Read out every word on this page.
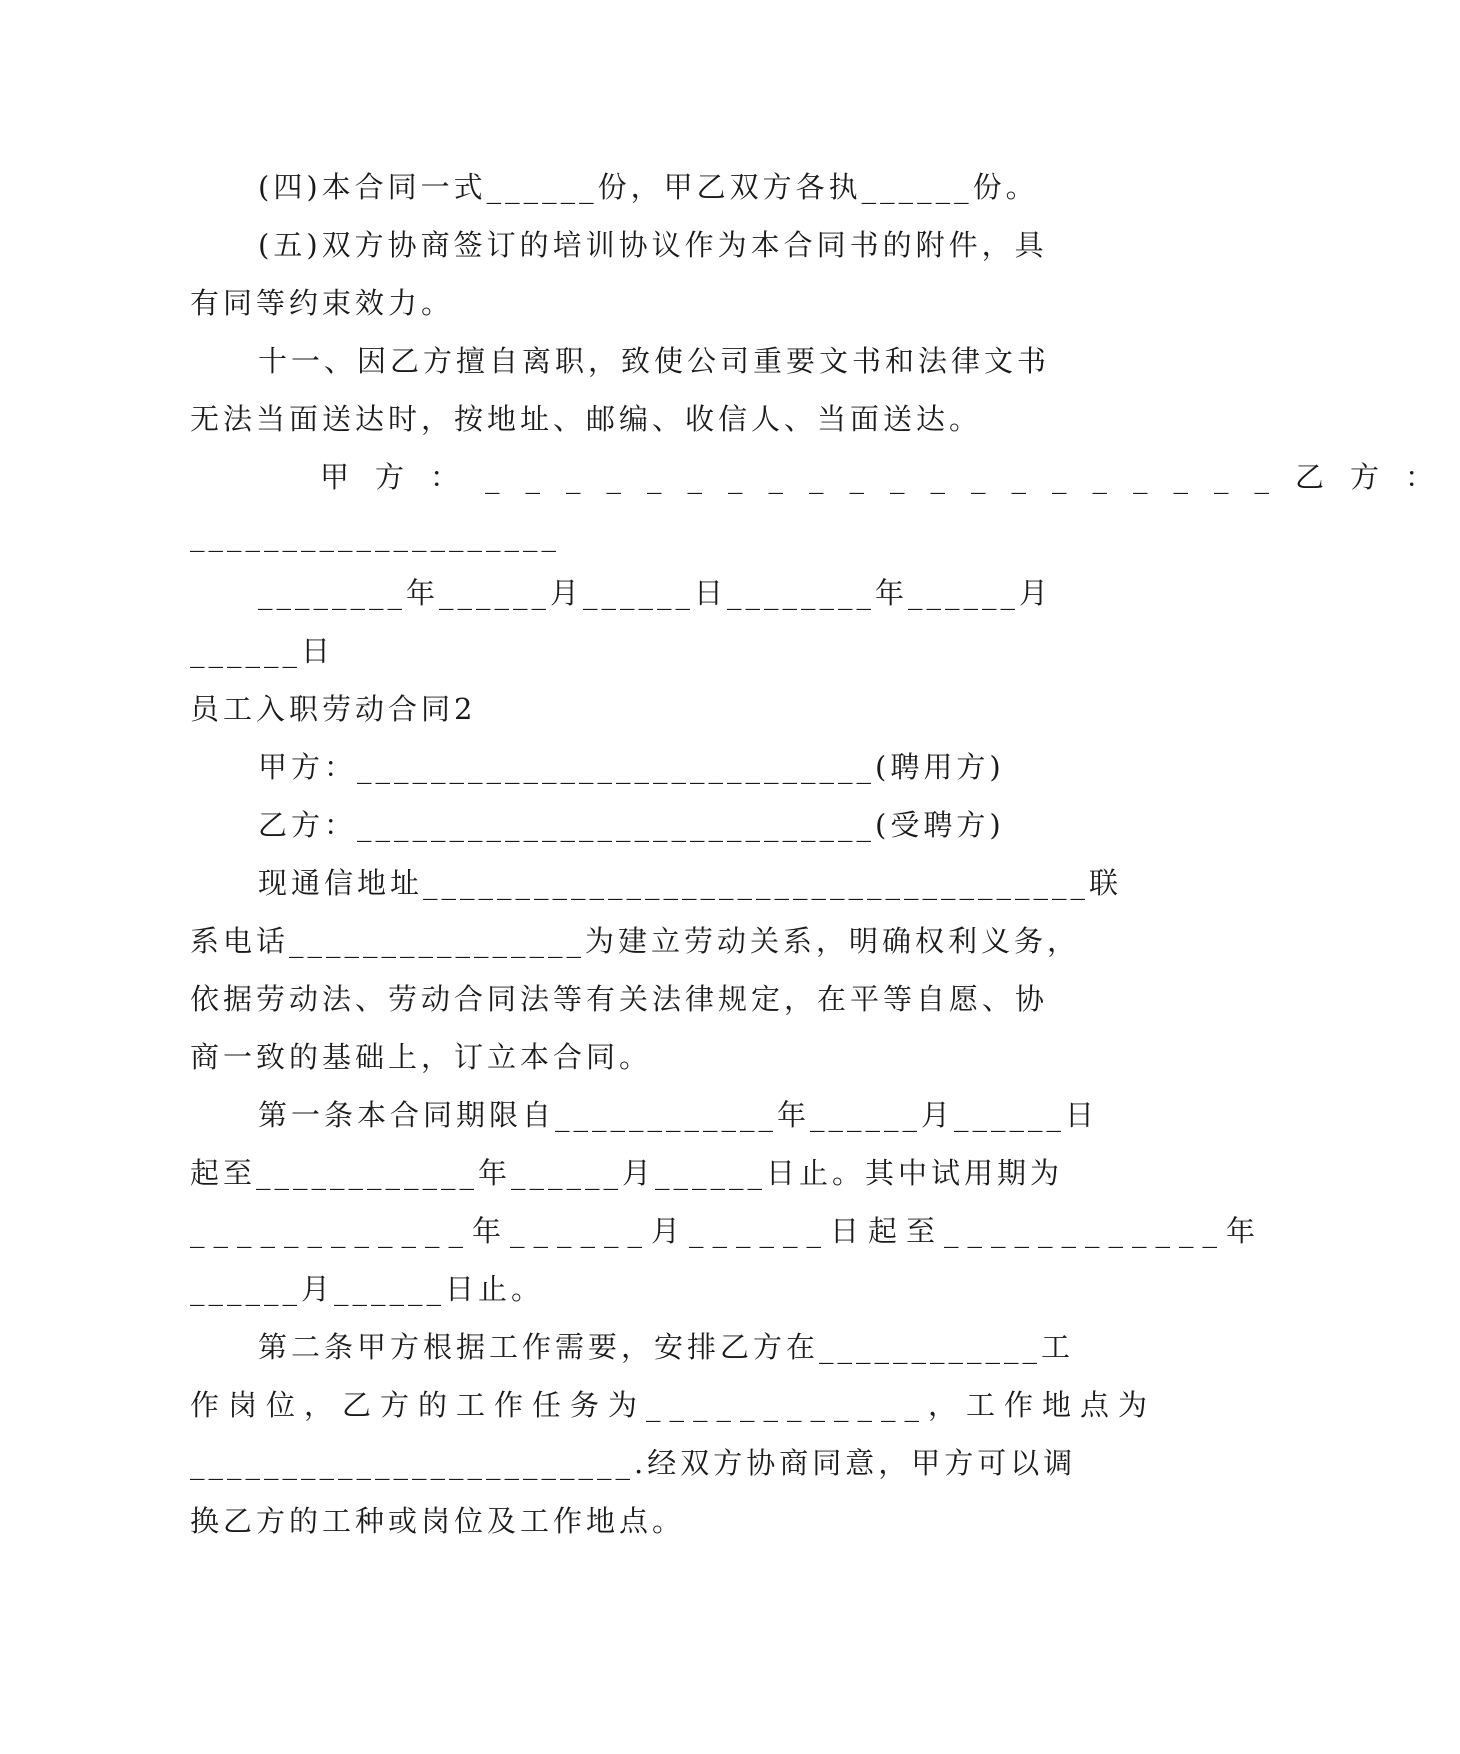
(四)本合同一式______份，甲乙双方各执______份。
(五)双方协商签订的培训协议作为本合同书的附件，具
有同等约束效力。
十一、因乙方擅自离职，致使公司重要文书和法律文书
无法当面送达时，按地址、邮编、收信人、当面送达。
甲方：____________________乙方：
____________________
________年______月______日________年______月
______日
员工入职劳动合同2
甲方：____________________________(聘用方)
乙方：____________________________(受聘方)
现通信地址____________________________________联
系电话________________为建立劳动关系，明确权利义务，
依据劳动法、劳动合同法等有关法律规定，在平等自愿、协
商一致的基础上，订立本合同。
第一条本合同期限自____________年______月______日
起至____________年______月______日止。其中试用期为
____________年______月______日起至____________年
______月______日止。
第二条甲方根据工作需要，安排乙方在____________工
作岗位，乙方的工作任务为____________，工作地点为
________________________.经双方协商同意，甲方可以调
换乙方的工种或岗位及工作地点。
